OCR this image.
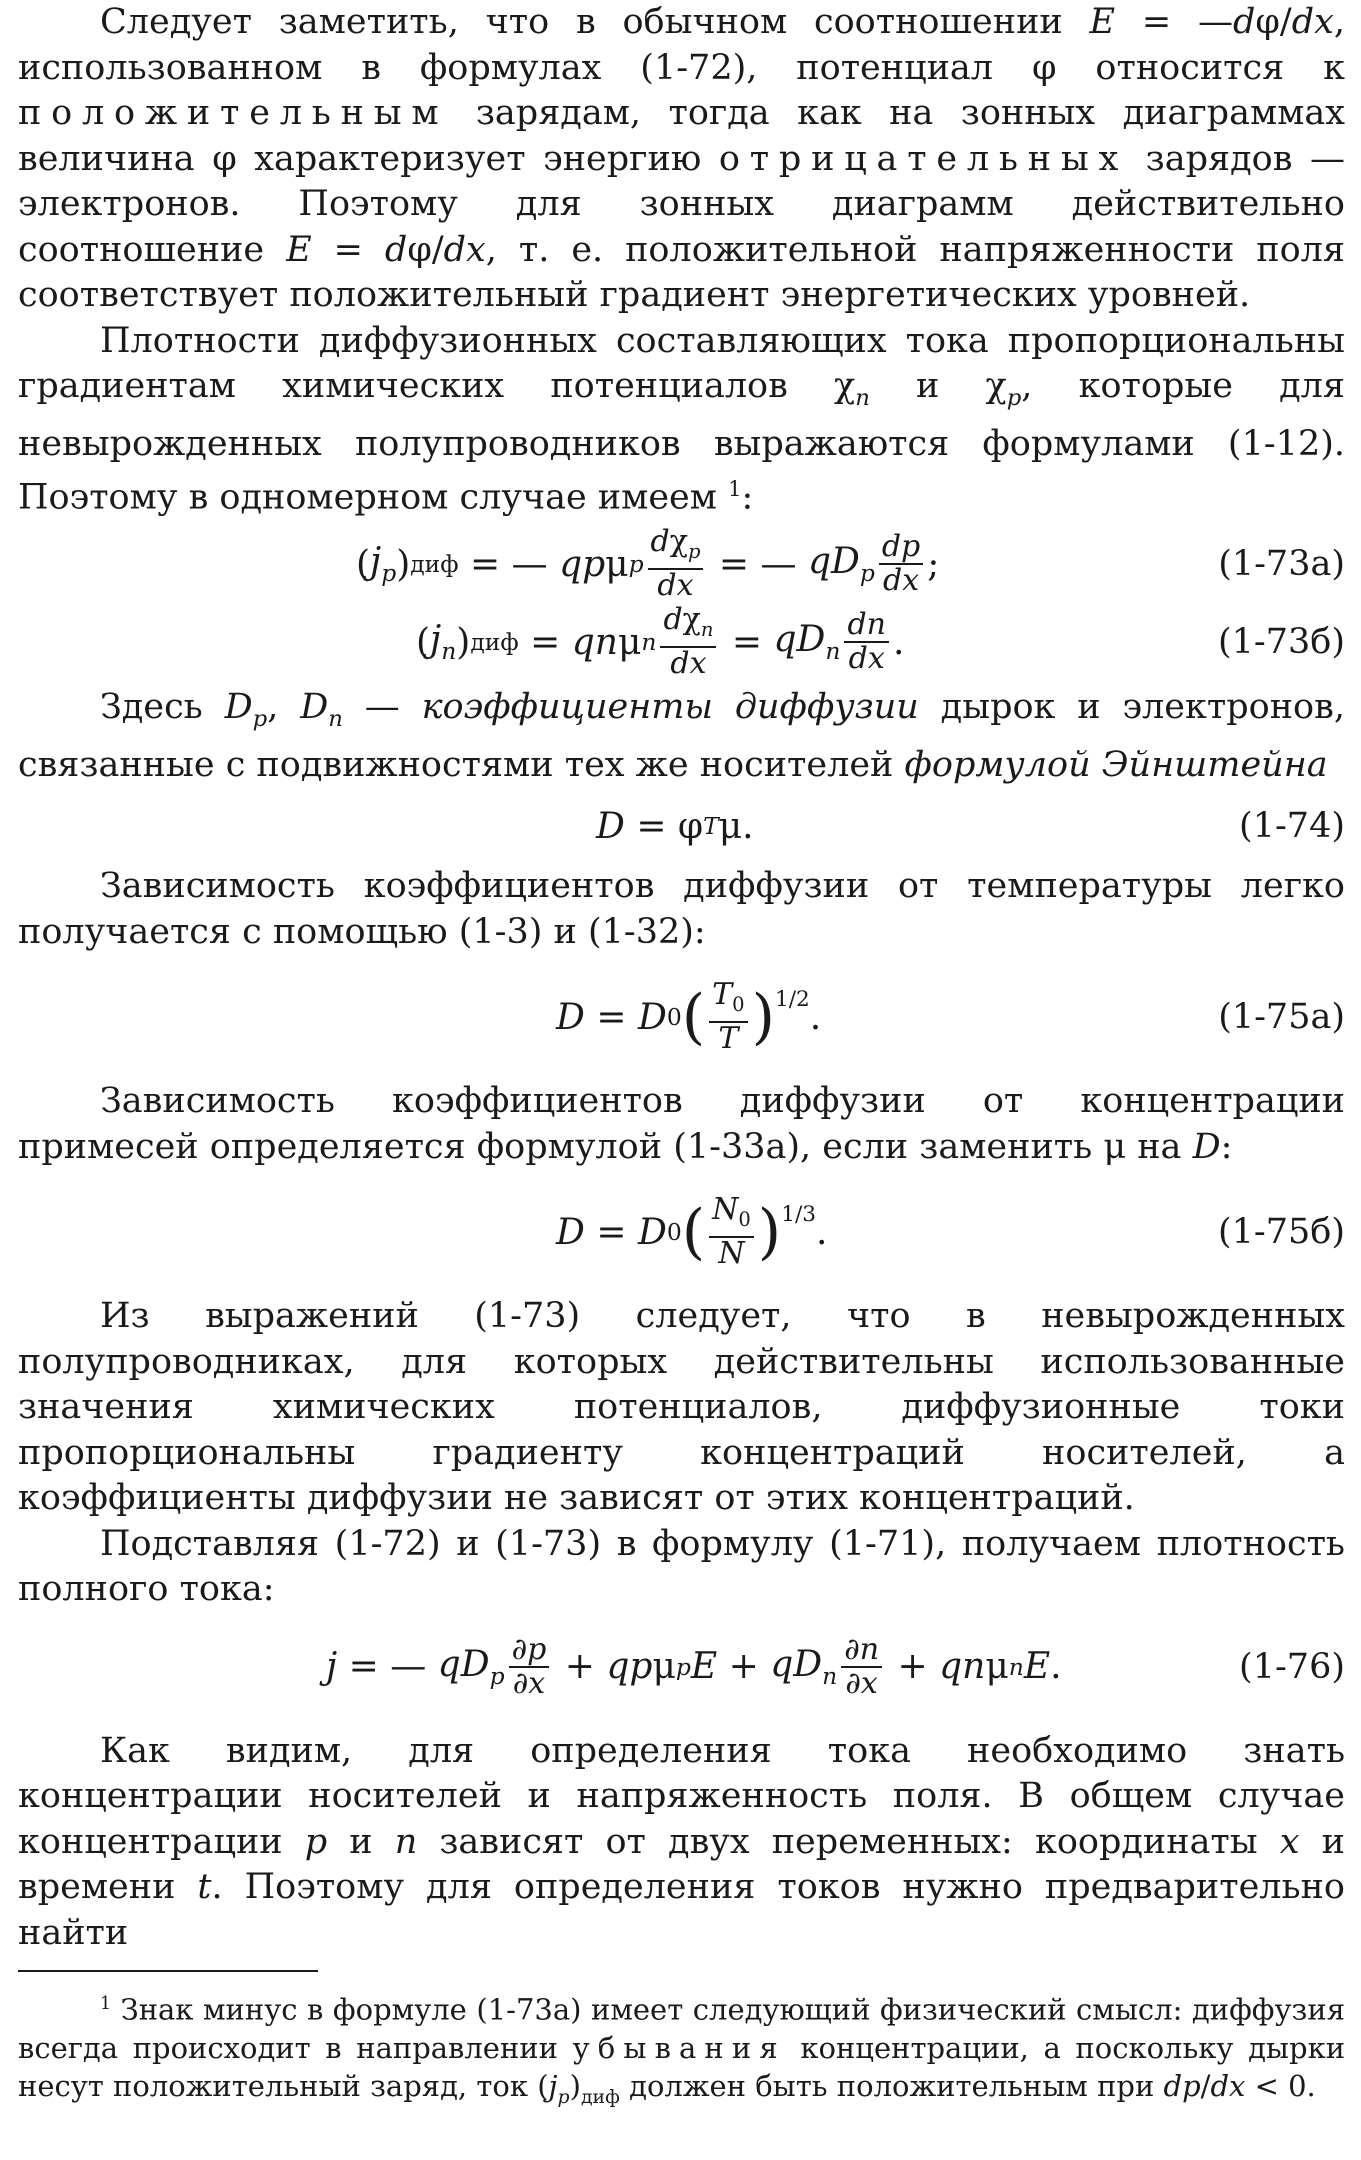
Следует заметить, что в обычном соотношении E = —dφ/dx, использованном в формулах (1-72), потенциал φ относится к положительным зарядам, тогда как на зонных диаграммах величина φ характеризует энергию отрицательных зарядов — электронов. Поэтому для зонных диаграмм действительно соотношение E = dφ/dx, т. е. положительной напряженности поля соответствует положительный градиент энергетических уровней.

Плотности диффузионных составляющих тока пропорциональны градиентам химических потенциалов $\chi_n$ и $\chi_p$, которые для невырожденных полупроводников выражаются формулами (1-12). Поэтому в одномерном случае имеем $^1$:

( $j_p$ ) диф = — qp μ p $\frac{d\chi_p}{dx}$ = — $qD_p \frac{dp}{dx}$ ;	(1-73а)
( $j_n$ ) диф = qn μ n $\frac{d\chi_n}{dx} = qD_n \frac{dn}{dx}$ .	(1-73б)

Здесь $D_p$, $D_n$ — коэффициенты диффузии дырок и электронов, связанные с подвижностями тех же носителей формулой Эйнштейна

D = φ T μ.	(1-74)

Зависимость коэффициентов диффузии от температуры легко получается с помощью (1-3) и (1-32):

D = D 0 ( $\frac{T_0}{T} )^{1/2}$ .	(1-75а)

Зависимость коэффициентов диффузии от концентрации примесей определяется формулой (1-33а), если заменить μ на D:

D = D 0 ( $\frac{N_0}{N} )^{1/3}$ .	(1-75б)

Из выражений (1-73) следует, что в невырожденных полупроводниках, для которых действительны использованные значения химических потенциалов, диффузионные токи пропорциональны градиенту концентраций носителей, а коэффициенты диффузии не зависят от этих концентраций.

Подставляя (1-72) и (1-73) в формулу (1-71), получаем плотность полного тока:

j = — $qD_p \frac{\partial p}{\partial x}$ + qp μ p $E + qD_n \frac{\partial n}{\partial x}$ + qn μ n E .	(1-76)

Как видим, для определения тока необходимо знать концентрации носителей и напряженность поля. В общем случае концентрации p и n зависят от двух переменных: координаты x и времени t. Поэтому для определения токов нужно предварительно найти

$^1$ Знак минус в формуле (1-73а) имеет следующий физический смысл: диффузия всегда происходит в направлении убывания концентрации, а поскольку дырки несут положительный заряд, ток $(j_p)_{диф}$ должен быть положительным при dp/dx < 0.
